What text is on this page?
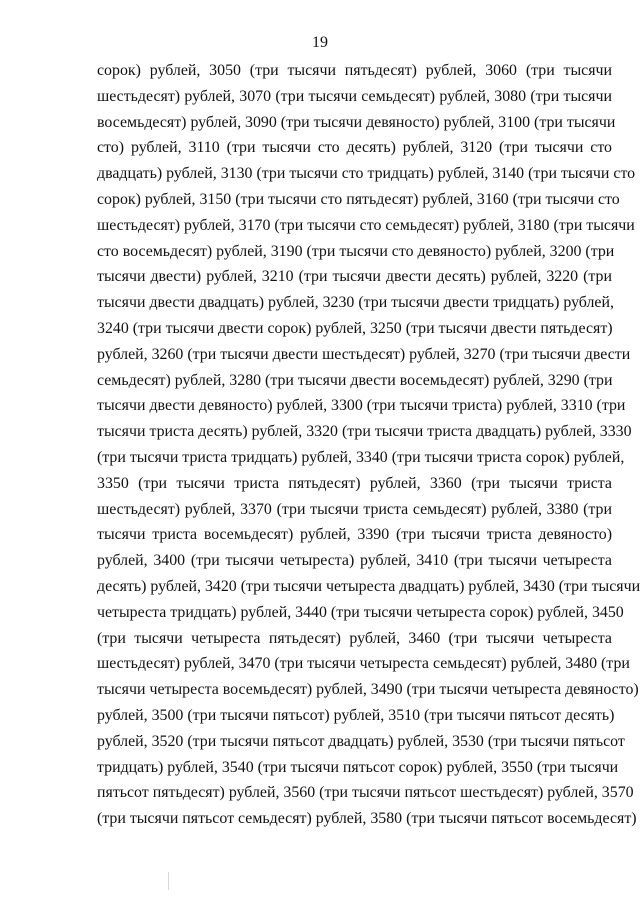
19
сорок) рублей, 3050 (три тысячи пятьдесят) рублей, 3060 (три тысячи
шестьдесят) рублей, 3070 (три тысячи семьдесят) рублей, 3080 (три тысячи
восемьдесят) рублей, 3090 (три тысячи девяносто) рублей, 3100 (три тысячи
сто) рублей, 3110 (три тысячи сто десять) рублей, 3120 (три тысячи сто
двадцать) рублей, 3130 (три тысячи сто тридцать) рублей, 3140 (три тысячи сто
сорок) рублей, 3150 (три тысячи сто пятьдесят) рублей, 3160 (три тысячи сто
шестьдесят) рублей, 3170 (три тысячи сто семьдесят) рублей, 3180 (три тысячи
сто восемьдесят) рублей, 3190 (три тысячи сто девяносто) рублей, 3200 (три
тысячи двести) рублей, 3210 (три тысячи двести десять) рублей, 3220 (три
тысячи двести двадцать) рублей, 3230 (три тысячи двести тридцать) рублей,
3240 (три тысячи двести сорок) рублей, 3250 (три тысячи двести пятьдесят)
рублей, 3260 (три тысячи двести шестьдесят) рублей, 3270 (три тысячи двести
семьдесят) рублей, 3280 (три тысячи двести восемьдесят) рублей, 3290 (три
тысячи двести девяносто) рублей, 3300 (три тысячи триста) рублей, 3310 (три
тысячи триста десять) рублей, 3320 (три тысячи триста двадцать) рублей, 3330
(три тысячи триста тридцать) рублей, 3340 (три тысячи триста сорок) рублей,
3350 (три тысячи триста пятьдесят) рублей, 3360 (три тысячи триста
шестьдесят) рублей, 3370 (три тысячи триста семьдесят) рублей, 3380 (три
тысячи триста восемьдесят) рублей, 3390 (три тысячи триста девяносто)
рублей, 3400 (три тысячи четыреста) рублей, 3410 (три тысячи четыреста
десять) рублей, 3420 (три тысячи четыреста двадцать) рублей, 3430 (три тысячи
четыреста тридцать) рублей, 3440 (три тысячи четыреста сорок) рублей, 3450
(три тысячи четыреста пятьдесят) рублей, 3460 (три тысячи четыреста
шестьдесят) рублей, 3470 (три тысячи четыреста семьдесят) рублей, 3480 (три
тысячи четыреста восемьдесят) рублей, 3490 (три тысячи четыреста девяносто)
рублей, 3500 (три тысячи пятьсот) рублей, 3510 (три тысячи пятьсот десять)
рублей, 3520 (три тысячи пятьсот двадцать) рублей, 3530 (три тысячи пятьсот
тридцать) рублей, 3540 (три тысячи пятьсот сорок) рублей, 3550 (три тысячи
пятьсот пятьдесят) рублей, 3560 (три тысячи пятьсот шестьдесят) рублей, 3570
(три тысячи пятьсот семьдесят) рублей, 3580 (три тысячи пятьсот восемьдесят)
